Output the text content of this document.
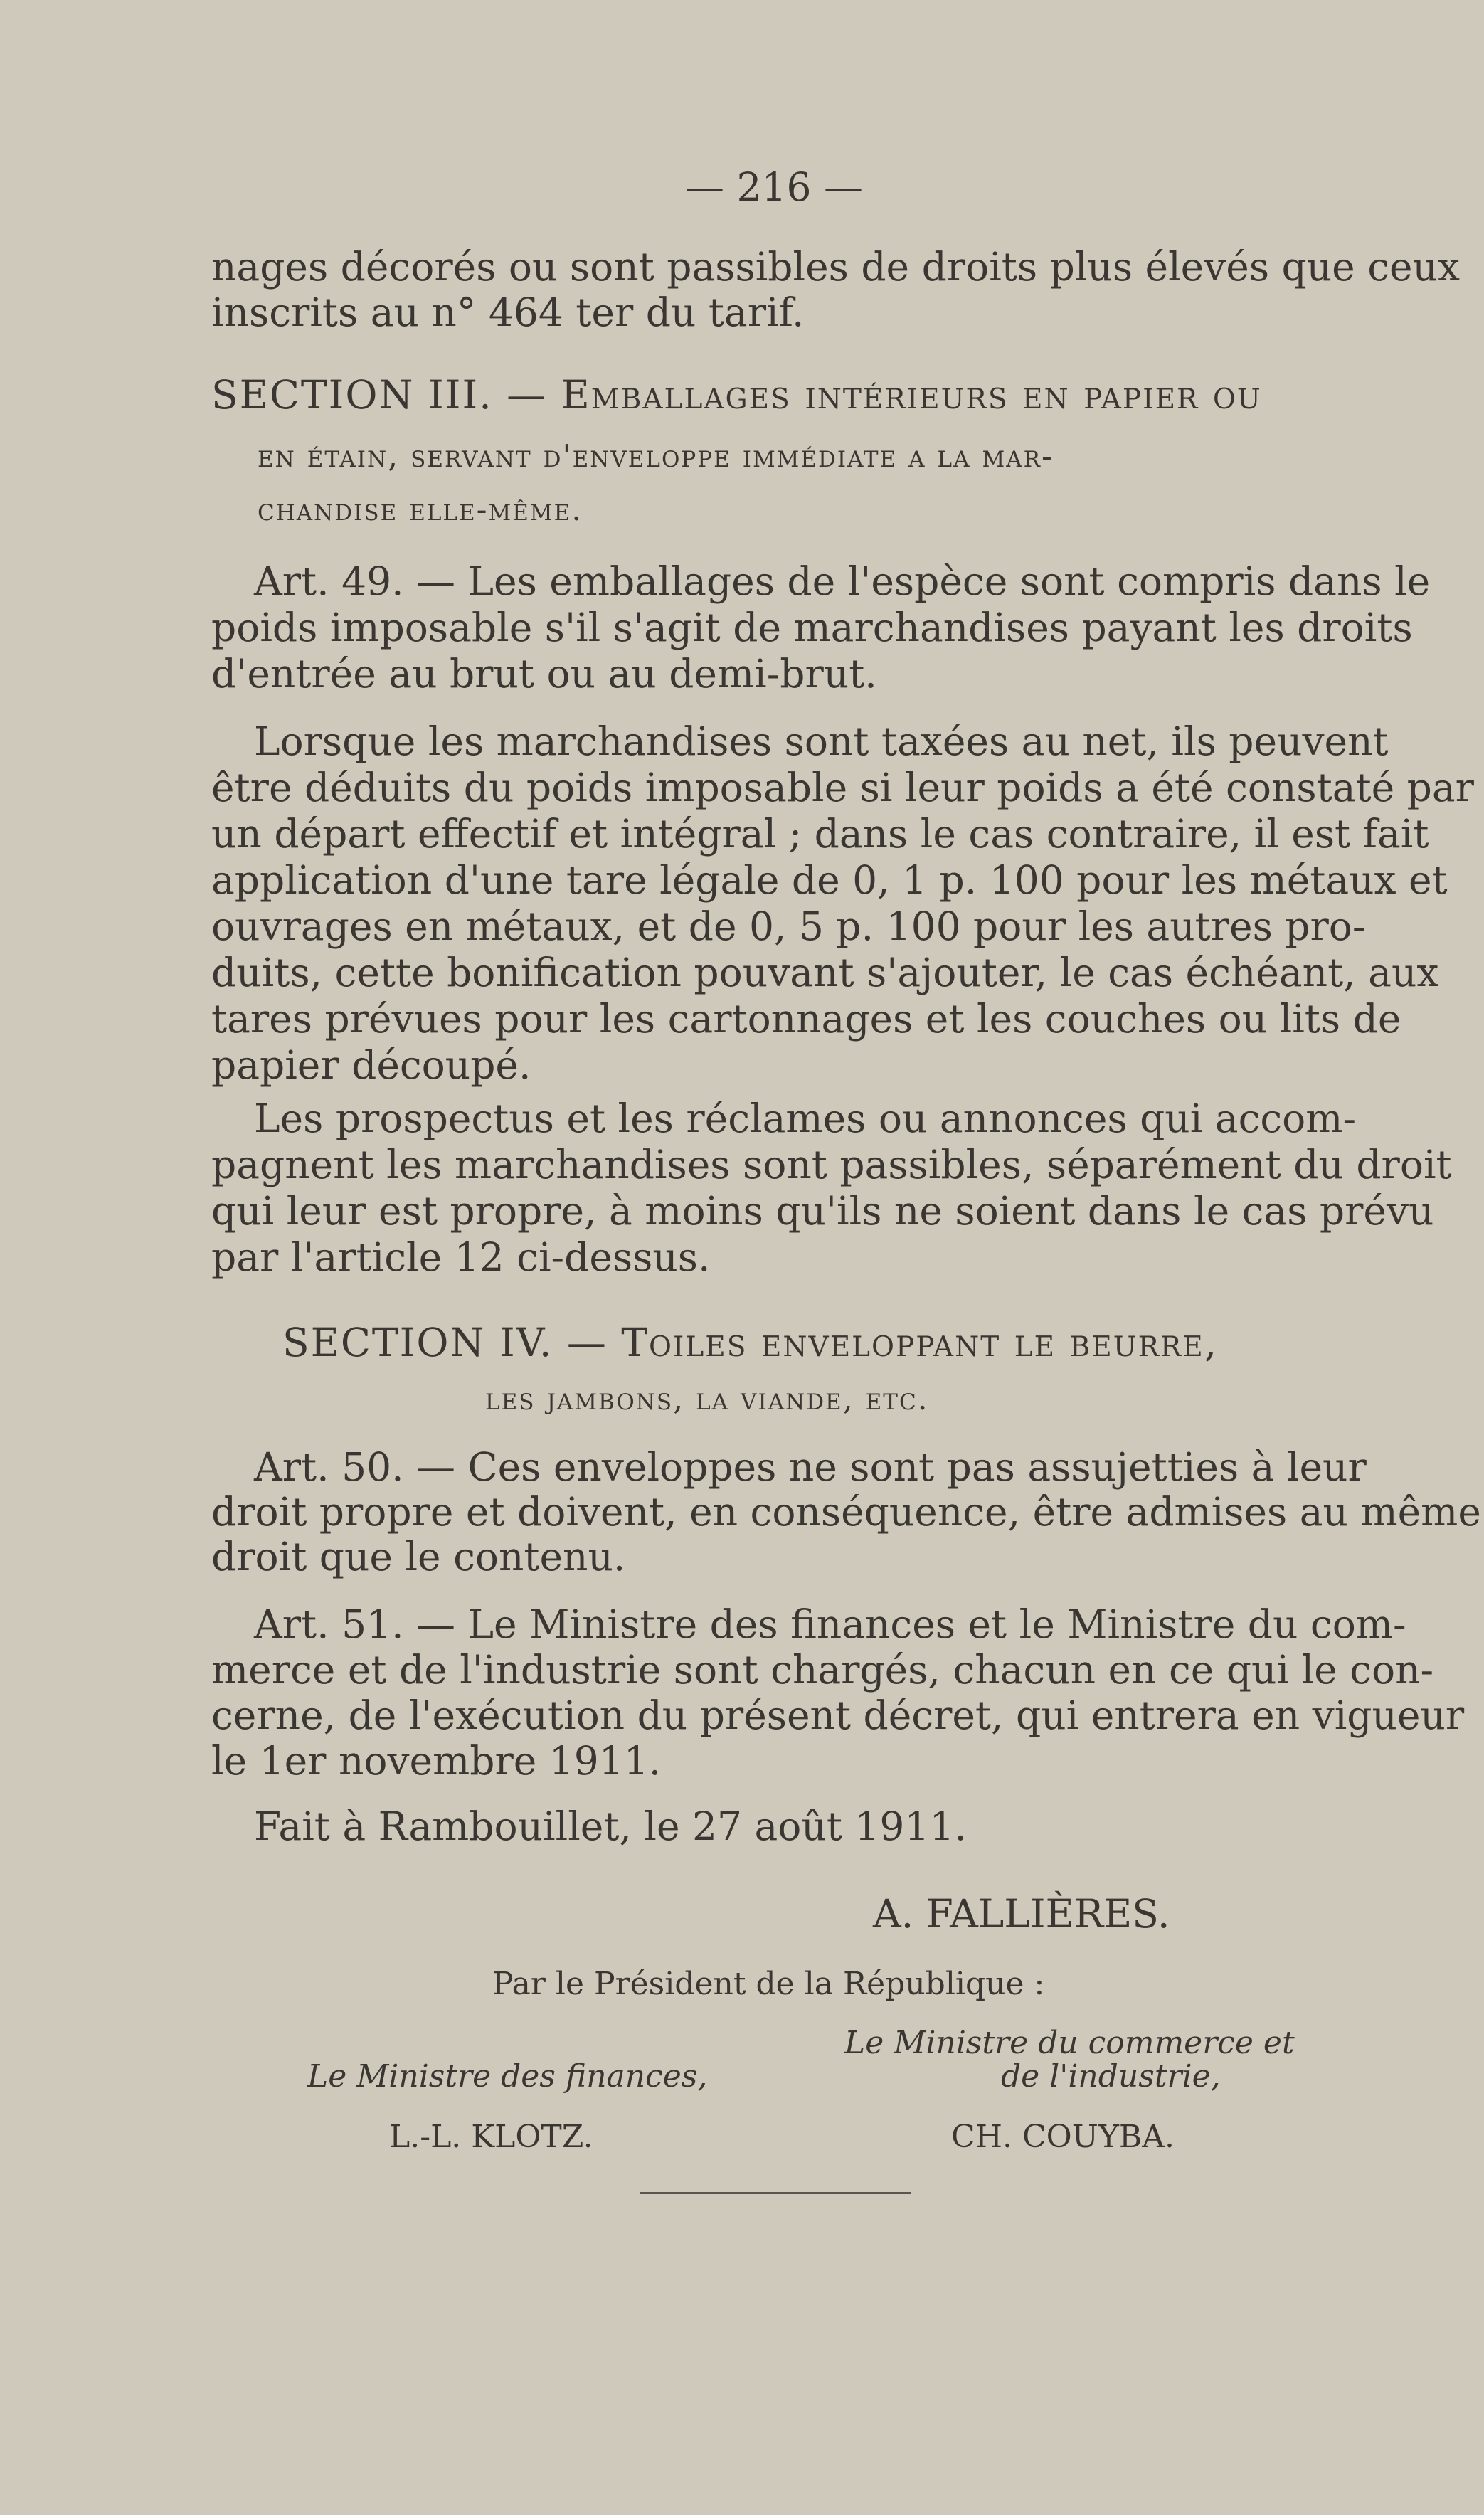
— 216 —
nages décorés ou sont passibles de droits plus élevés que ceux
inscrits au n° 464 ter du tarif.
SECTION III. — Emballages intérieurs en papier ou
en étain, servant d'enveloppe immédiate a la mar-
chandise elle-même.
Art. 49. — Les emballages de l'espèce sont compris dans le
poids imposable s'il s'agit de marchandises payant les droits
d'entrée au brut ou au demi-brut.
Lorsque les marchandises sont taxées au net, ils peuvent
être déduits du poids imposable si leur poids a été constaté par
un départ effectif et intégral ; dans le cas contraire, il est fait
application d'une tare légale de 0, 1 p. 100 pour les métaux et
ouvrages en métaux, et de 0, 5 p. 100 pour les autres pro-
duits, cette bonification pouvant s'ajouter, le cas échéant, aux
tares prévues pour les cartonnages et les couches ou lits de
papier découpé.
Les prospectus et les réclames ou annonces qui accom-
pagnent les marchandises sont passibles, séparément du droit
qui leur est propre, à moins qu'ils ne soient dans le cas prévu
par l'article 12 ci-dessus.
SECTION IV. — Toiles enveloppant le beurre,
les jambons, la viande, etc.
Art. 50. — Ces enveloppes ne sont pas assujetties à leur
droit propre et doivent, en conséquence, être admises au même
droit que le contenu.
Art. 51. — Le Ministre des finances et le Ministre du com-
merce et de l'industrie sont chargés, chacun en ce qui le con-
cerne, de l'exécution du présent décret, qui entrera en vigueur
le 1er novembre 1911.
Fait à Rambouillet, le 27 août 1911.
A. FALLIÈRES.
Par le Président de la République :
Le Ministre du commerce et
Le Ministre des finances,	de l'industrie,
L.-L. KLOTZ.	CH. COUYBA.
